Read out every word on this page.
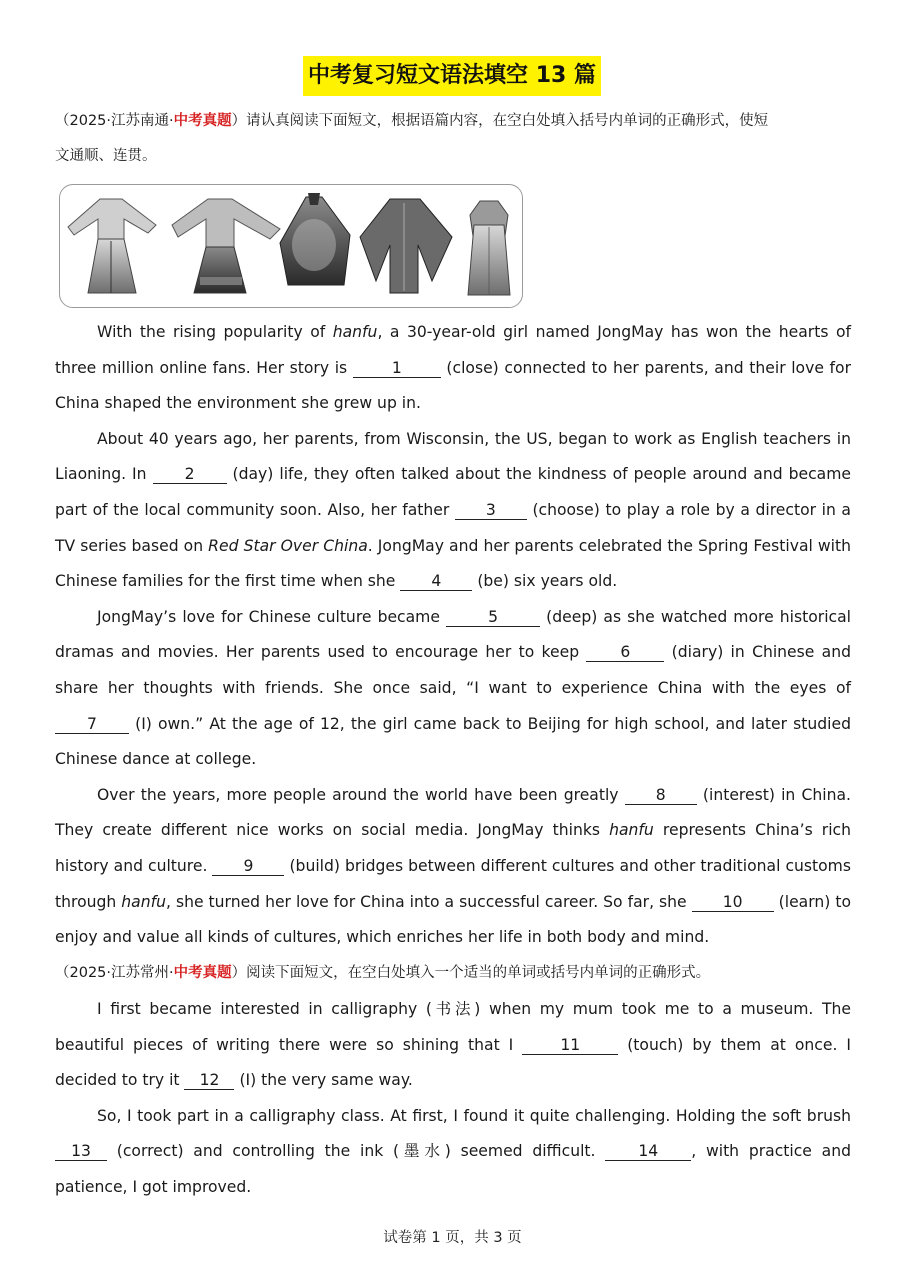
中考复习短文语法填空 13 篇
（2025·江苏南通·中考真题）请认真阅读下面短文，根据语篇内容，在空白处填入括号内单词的正确形式，使短
文通顺、连贯。

With the rising popularity of hanfu, a 30-year-old girl named JongMay has won the hearts of three million online fans. Her story is	1	(close) connected to her parents, and their love for China shaped the environment she grew up in.

About 40 years ago, her parents, from Wisconsin, the US, began to work as English teachers in Liaoning. In 2 (day) life, they often talked about the kindness of people around and became part of the local community soon. Also, her father 3 (choose) to play a role by a director in a TV series based on Red Star Over China. JongMay and her parents celebrated the Spring Festival with Chinese families for the first time when she 4 (be) six years old.

JongMay’s love for Chinese culture became	5	(deep) as she watched more historical dramas and movies. Her parents used to encourage her to keep 6 (diary) in Chinese and share her thoughts with friends. She once said, “I want to experience China with the eyes of 7 (I) own.” At the age of 12, the girl came back to Beijing for high school, and later studied Chinese dance at college.

Over the years, more people around the world have been greatly 8 (interest) in China. They create different nice works on social media. JongMay thinks hanfu represents China’s rich history and culture. 9 (build) bridges between different cultures and other traditional customs through hanfu, she turned her love for China into a successful career. So far, she 10 (learn) to enjoy and value all kinds of cultures, which enriches her life in both body and mind.

（2025·江苏常州·中考真题）阅读下面短文，在空白处填入一个适当的单词或括号内单词的正确形式。

I first became interested in calligraphy (书法) when my mum took me to a museum. The beautiful pieces of writing there were so shining that I 11 (touch) by them at once. I decided to try it 12 (I) the very same way.

So, I took part in a calligraphy class. At first, I found it quite challenging. Holding the soft brush 13 (correct) and controlling the ink (墨水) seemed difficult. 14 , with practice and patience, I got improved.

试卷第 1 页，共 3 页
